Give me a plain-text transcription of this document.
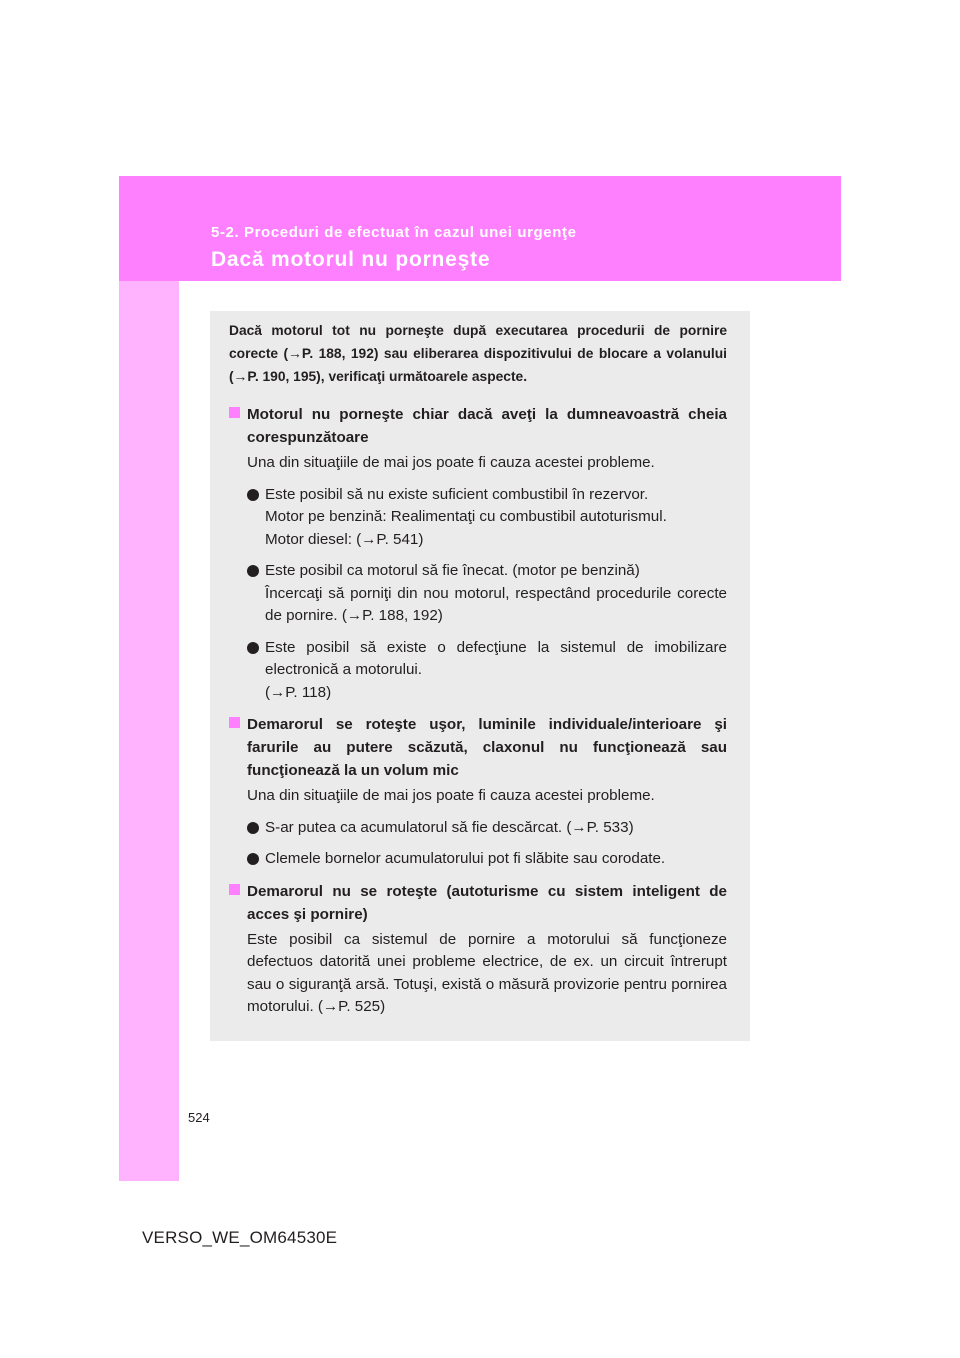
5-2. Proceduri de efectuat în cazul unei urgenţe
Dacă motorul nu porneşte

Dacă motorul tot nu porneşte după executarea procedurii de pornire corecte (→P. 188, 192) sau eliberarea dispozitivului de blocare a volanului (→P. 190, 195), verificaţi următoarele aspecte.

Motorul nu porneşte chiar dacă aveţi la dumneavoastră cheia corespunzătoare

Una din situaţiile de mai jos poate fi cauza acestei probleme.

Este posibil să nu existe suficient combustibil în rezervor.

Motor pe benzină: Realimentaţi cu combustibil autoturismul.

Motor diesel: (→P. 541)

Este posibil ca motorul să fie înecat. (motor pe benzină)

Încercaţi să porniţi din nou motorul, respectând procedurile corecte de pornire. (→P. 188, 192)

Este posibil să existe o defecţiune la sistemul de imobilizare electronică a motorului.

(→P. 118)

Demarorul se roteşte uşor, luminile individuale/interioare şi farurile au putere scăzută, claxonul nu funcţionează sau funcţionează la un volum mic

Una din situaţiile de mai jos poate fi cauza acestei probleme.

S-ar putea ca acumulatorul să fie descărcat. (→P. 533)

Clemele bornelor acumulatorului pot fi slăbite sau corodate.

Demarorul nu se roteşte (autoturisme cu sistem inteligent de acces şi pornire)

Este posibil ca sistemul de pornire a motorului să funcţioneze defectuos datorită unei probleme electrice, de ex. un circuit întrerupt sau o siguranţă arsă. Totuşi, există o măsură provizorie pentru pornirea motorului. (→P. 525)

524
VERSO_WE_OM64530E
